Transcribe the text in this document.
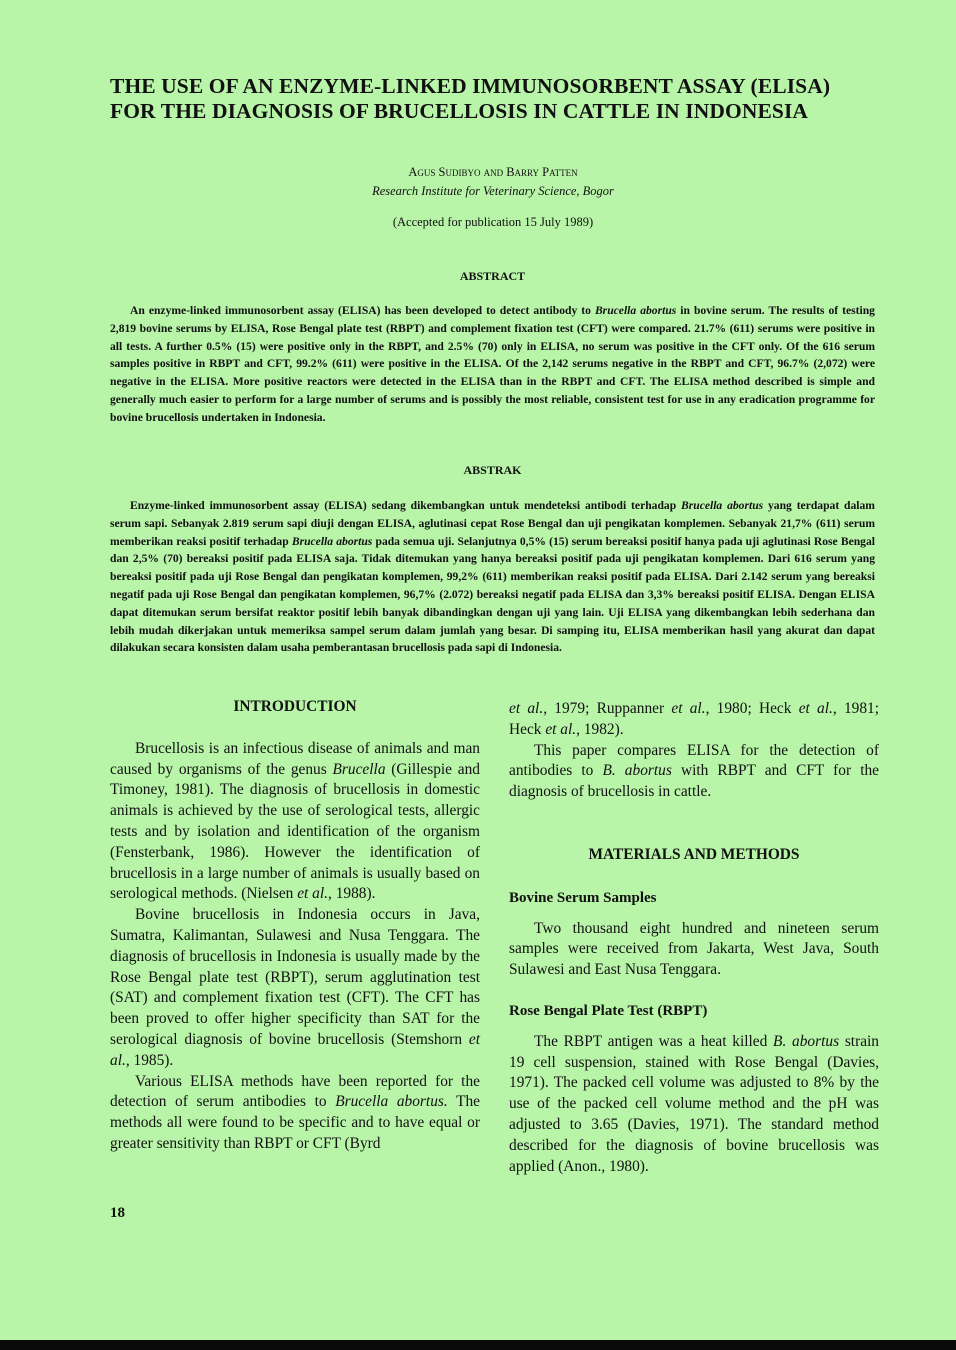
THE USE OF AN ENZYME-LINKED IMMUNOSORBENT ASSAY (ELISA)
FOR THE DIAGNOSIS OF BRUCELLOSIS IN CATTLE IN INDONESIA
Agus Sudibyo and Barry Patten
Research Institute for Veterinary Science, Bogor
(Accepted for publication 15 July 1989)
ABSTRACT

An enzyme-linked immunosorbent assay (ELISA) has been developed to detect antibody to Brucella abortus in bovine serum. The results of testing 2,819 bovine serums by ELISA, Rose Bengal plate test (RBPT) and complement fixation test (CFT) were compared. 21.7% (611) serums were positive in all tests. A further 0.5% (15) were positive only in the RBPT, and 2.5% (70) only in ELISA, no serum was positive in the CFT only. Of the 616 serum samples positive in RBPT and CFT, 99.2% (611) were positive in the ELISA. Of the 2,142 serums negative in the RBPT and CFT, 96.7% (2,072) were negative in the ELISA. More positive reactors were detected in the ELISA than in the RBPT and CFT. The ELISA method described is simple and generally much easier to perform for a large number of serums and is possibly the most reliable, consistent test for use in any eradication programme for bovine brucellosis undertaken in Indonesia.

ABSTRAK

Enzyme-linked immunosorbent assay (ELISA) sedang dikembangkan untuk mendeteksi antibodi terhadap Brucella abortus yang terdapat dalam serum sapi. Sebanyak 2.819 serum sapi diuji dengan ELISA, aglutinasi cepat Rose Bengal dan uji pengikatan komplemen. Sebanyak 21,7% (611) serum memberikan reaksi positif terhadap Brucella abortus pada semua uji. Selanjutnya 0,5% (15) serum bereaksi positif hanya pada uji aglutinasi Rose Bengal dan 2,5% (70) bereaksi positif pada ELISA saja. Tidak ditemukan yang hanya bereaksi positif pada uji pengikatan komplemen. Dari 616 serum yang bereaksi positif pada uji Rose Bengal dan pengikatan komplemen, 99,2% (611) memberikan reaksi positif pada ELISA. Dari 2.142 serum yang bereaksi negatif pada uji Rose Bengal dan pengikatan komplemen, 96,7% (2.072) bereaksi negatif pada ELISA dan 3,3% bereaksi positif ELISA. Dengan ELISA dapat ditemukan serum bersifat reaktor positif lebih banyak dibandingkan dengan uji yang lain. Uji ELISA yang dikembangkan lebih sederhana dan lebih mudah dikerjakan untuk memeriksa sampel serum dalam jumlah yang besar. Di samping itu, ELISA memberikan hasil yang akurat dan dapat dilakukan secara konsisten dalam usaha pemberantasan brucellosis pada sapi di Indonesia.

INTRODUCTION

Brucellosis is an infectious disease of animals and man caused by organisms of the genus Brucella (Gillespie and Timoney, 1981). The diagnosis of brucellosis in domestic animals is achieved by the use of serological tests, allergic tests and by isolation and identification of the organism (Fensterbank, 1986). However the identification of brucellosis in a large number of animals is usually based on serological methods. (Nielsen et al., 1988).

Bovine brucellosis in Indonesia occurs in Java, Sumatra, Kalimantan, Sulawesi and Nusa Tenggara. The diagnosis of brucellosis in Indonesia is usually made by the Rose Bengal plate test (RBPT), serum agglutination test (SAT) and complement fixation test (CFT). The CFT has been proved to offer higher specificity than SAT for the serological diagnosis of bovine brucellosis (Stemshorn et al., 1985).

Various ELISA methods have been reported for the detection of serum antibodies to Brucella abortus. The methods all were found to be specific and to have equal or greater sensitivity than RBPT or CFT (Byrd

et al., 1979; Ruppanner et al., 1980; Heck et al., 1981; Heck et al., 1982).

This paper compares ELISA for the detection of antibodies to B. abortus with RBPT and CFT for the diagnosis of brucellosis in cattle.

MATERIALS AND METHODS
Bovine Serum Samples

Two thousand eight hundred and nineteen serum samples were received from Jakarta, West Java, South Sulawesi and East Nusa Tenggara.

Rose Bengal Plate Test (RBPT)

The RBPT antigen was a heat killed B. abortus strain 19 cell suspension, stained with Rose Bengal (Davies, 1971). The packed cell volume was adjusted to 8% by the use of the packed cell volume method and the pH was adjusted to 3.65 (Davies, 1971). The standard method described for the diagnosis of bovine brucellosis was applied (Anon., 1980).

18
